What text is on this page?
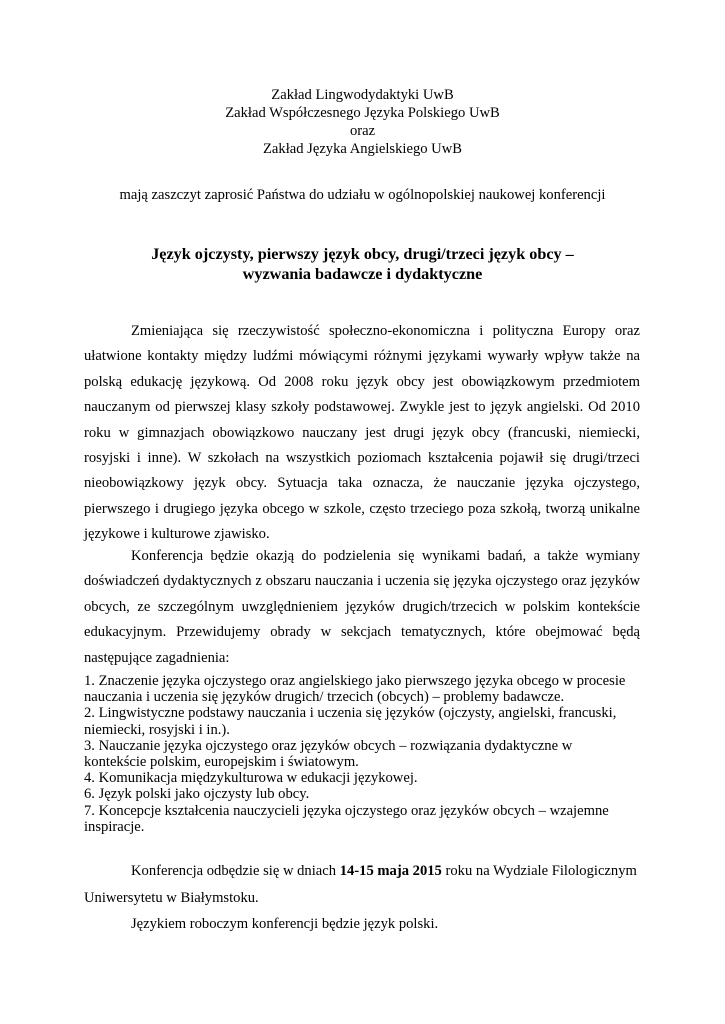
Zakład Lingwodydaktyki UwB
Zakład Współczesnego Języka Polskiego UwB
oraz
Zakład Języka Angielskiego UwB
mają zaszczyt zaprosić Państwa do udziału w ogólnopolskiej naukowej konferencji
Język ojczysty, pierwszy język obcy, drugi/trzeci język obcy –
wyzwania badawcze i dydaktyczne
Zmieniająca się rzeczywistość społeczno-ekonomiczna i polityczna Europy oraz ułatwione kontakty między ludźmi mówiącymi różnymi językami wywarły wpływ także na polską edukację językową. Od 2008 roku język obcy jest obowiązkowym przedmiotem nauczanym od pierwszej klasy szkoły podstawowej. Zwykle jest to język angielski. Od 2010 roku w gimnazjach obowiązkowo nauczany jest drugi język obcy (francuski, niemiecki, rosyjski i inne). W szkołach na wszystkich poziomach kształcenia pojawił się drugi/trzeci nieobowiązkowy język obcy. Sytuacja taka oznacza, że nauczanie języka ojczystego, pierwszego i drugiego języka obcego w szkole, często trzeciego poza szkołą, tworzą unikalne językowe i kulturowe zjawisko.
Konferencja będzie okazją do podzielenia się wynikami badań, a także wymiany doświadczeń dydaktycznych z obszaru nauczania i uczenia się języka ojczystego oraz języków obcych, ze szczególnym uwzględnieniem języków drugich/trzecich w polskim kontekście edukacyjnym. Przewidujemy obrady w sekcjach tematycznych, które obejmować będą następujące zagadnienia:
1. Znaczenie języka ojczystego oraz angielskiego jako pierwszego języka obcego w procesie
nauczania i uczenia się języków drugich/ trzecich (obcych) – problemy badawcze.
2. Lingwistyczne podstawy nauczania i uczenia się języków (ojczysty, angielski, francuski,
niemiecki, rosyjski i in.).
3. Nauczanie języka ojczystego oraz języków obcych – rozwiązania dydaktyczne w
kontekście polskim, europejskim i światowym.
4. Komunikacja międzykulturowa w edukacji językowej.
6. Język polski jako ojczysty lub obcy.
7. Koncepcje kształcenia nauczycieli języka ojczystego oraz języków obcych – wzajemne
inspiracje.
Konferencja odbędzie się w dniach 14-15 maja 2015 roku na Wydziale Filologicznym Uniwersytetu w Białymstoku.
Językiem roboczym konferencji będzie język polski.
